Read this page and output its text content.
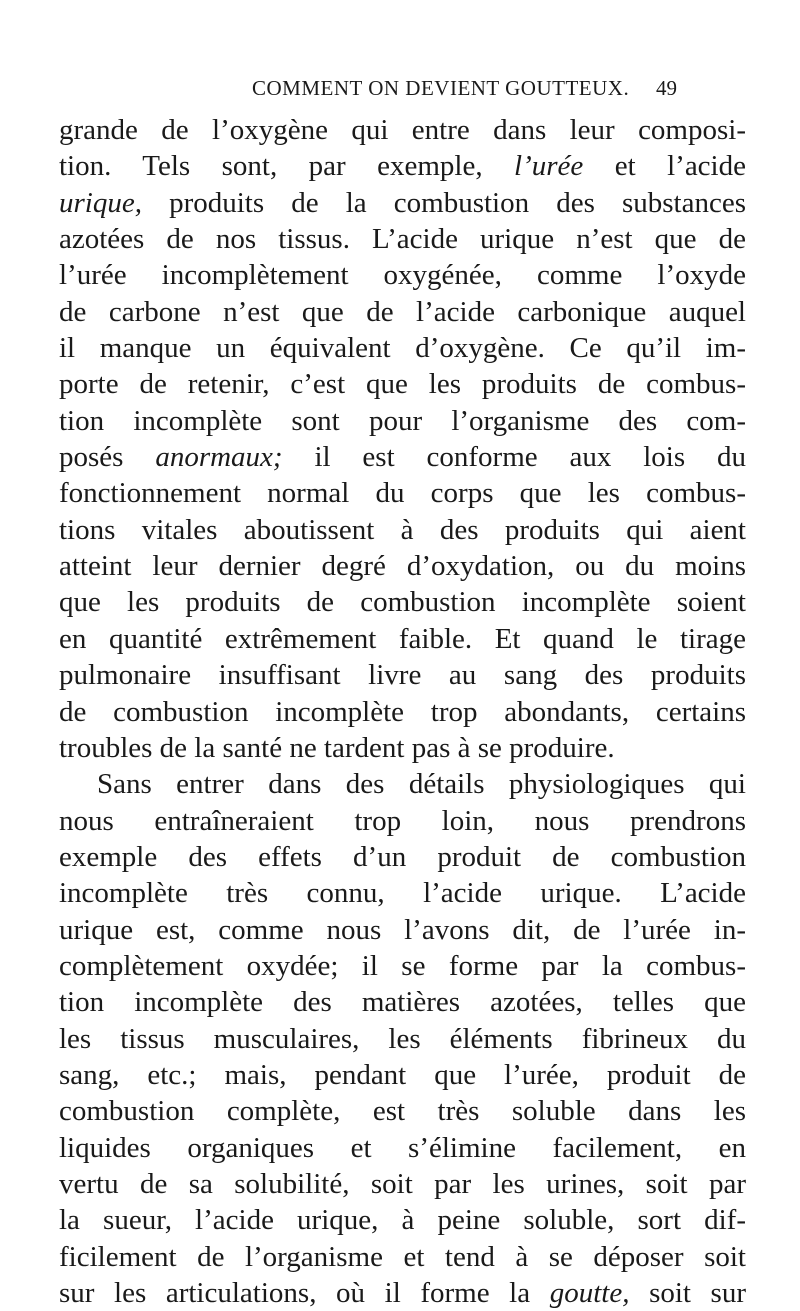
COMMENT ON DEVIENT GOUTTEUX. 49
grande de l’oxygène qui entre dans leur composi-
tion. Tels sont, par exemple, l’urée et l’acide
urique, produits de la combustion des substances
azotées de nos tissus. L’acide urique n’est que de
l’urée incomplètement oxygénée, comme l’oxyde
de carbone n’est que de l’acide carbonique auquel
il manque un équivalent d’oxygène. Ce qu’il im-
porte de retenir, c’est que les produits de combus-
tion incomplète sont pour l’organisme des com-
posés anormaux; il est conforme aux lois du
fonctionnement normal du corps que les combus-
tions vitales aboutissent à des produits qui aient
atteint leur dernier degré d’oxydation, ou du moins
que les produits de combustion incomplète soient
en quantité extrêmement faible. Et quand le tirage
pulmonaire insuffisant livre au sang des produits
de combustion incomplète trop abondants, certains
troubles de la santé ne tardent pas à se produire.
Sans entrer dans des détails physiologiques qui
nous entraîneraient trop loin, nous prendrons
exemple des effets d’un produit de combustion
incomplète très connu, l’acide urique. L’acide
urique est, comme nous l’avons dit, de l’urée in-
complètement oxydée; il se forme par la combus-
tion incomplète des matières azotées, telles que
les tissus musculaires, les éléments fibrineux du
sang, etc.; mais, pendant que l’urée, produit de
combustion complète, est très soluble dans les
liquides organiques et s’élimine facilement, en
vertu de sa solubilité, soit par les urines, soit par
la sueur, l’acide urique, à peine soluble, sort dif-
ficilement de l’organisme et tend à se déposer soit
sur les articulations, où il forme la goutte, soit sur
